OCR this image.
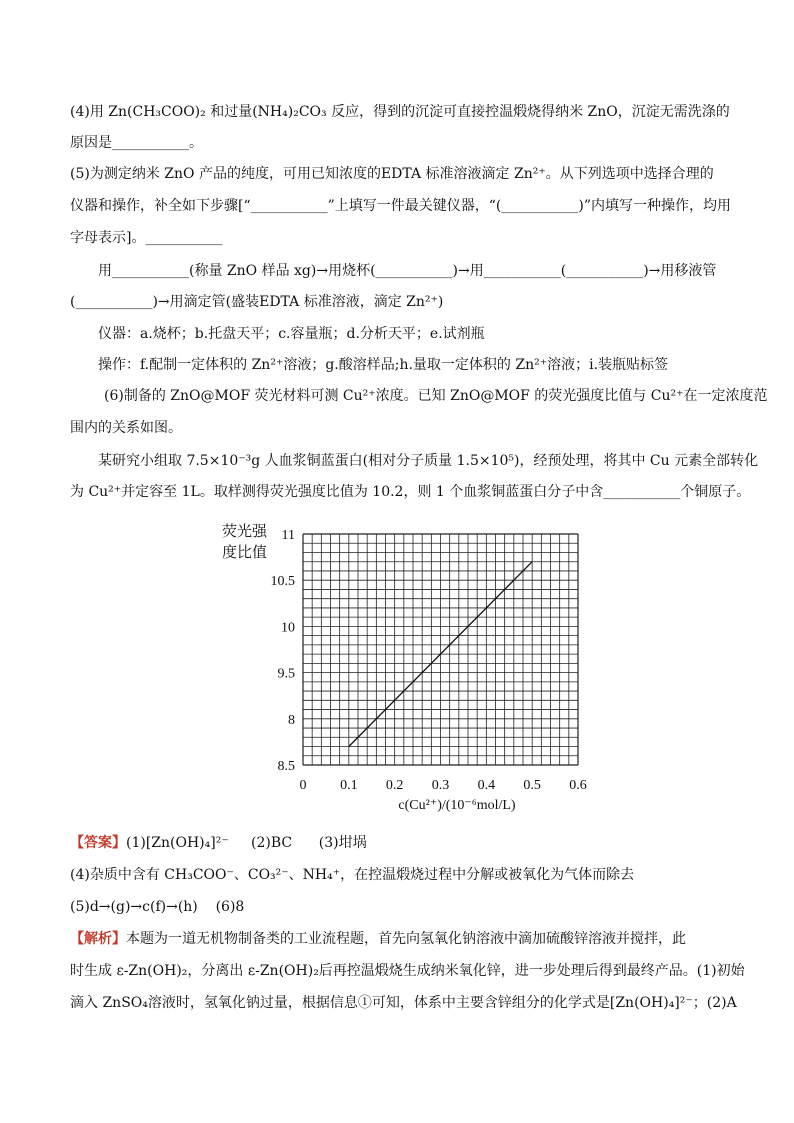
(4)用 Zn(CH₃COO)₂ 和过量(NH₄)₂CO₃ 反应，得到的沉淀可直接控温煅烧得纳米 ZnO，沉淀无需洗涤的
原因是___________。
(5)为测定纳米 ZnO 产品的纯度，可用已知浓度的EDTA 标准溶液滴定 Zn²⁺。从下列选项中选择合理的
仪器和操作，补全如下步骤[“___________”上填写一件最关键仪器，“(___________)”内填写一种操作，均用
字母表示]。___________
用___________(称量 ZnO 样品 xg)→用烧杯(___________)→用___________(___________)→用移液管
(___________)→用滴定管(盛装EDTA 标准溶液，滴定 Zn²⁺)
仪器：a.烧杯；b.托盘天平；c.容量瓶；d.分析天平；e.试剂瓶
操作：f.配制一定体积的 Zn²⁺溶液；g.酸溶样品;h.量取一定体积的 Zn²⁺溶液；i.装瓶贴标签
(6)制备的 ZnO@MOF 荧光材料可测 Cu²⁺浓度。已知 ZnO@MOF 的荧光强度比值与 Cu²⁺在一定浓度范
围内的关系如图。
某研究小组取 7.5×10⁻³g 人血浆铜蓝蛋白(相对分子质量 1.5×10⁵)，经预处理，将其中 Cu 元素全部转化
为 Cu²⁺并定容至 1L。取样测得荧光强度比值为 10.2，则 1 个血浆铜蓝蛋白分子中含___________个铜原子。
荧光强
度比值
c(Cu²⁺)/(10⁻⁶mol/L)
0 0.1 0.2 0.3 0.4 0.5 0.6
8.5
8
9.5
10
10.5
11
【答案】(1)[Zn(OH)₄]²⁻ (2)BC (3)坩埚
(4)杂质中含有 CH₃COO⁻、CO₃²⁻、NH₄⁺，在控温煅烧过程中分解或被氧化为气体而除去
(5)d→(g)→c(f)→(h) (6)8
【解析】本题为一道无机物制备类的工业流程题，首先向氢氧化钠溶液中滴加硫酸锌溶液并搅拌，此
时生成 ε-Zn(OH)₂，分离出 ε-Zn(OH)₂后再控温煅烧生成纳米氧化锌，进一步处理后得到最终产品。(1)初始
滴入 ZnSO₄溶液时，氢氧化钠过量，根据信息①可知，体系中主要含锌组分的化学式是[Zn(OH)₄]²⁻；(2)A
